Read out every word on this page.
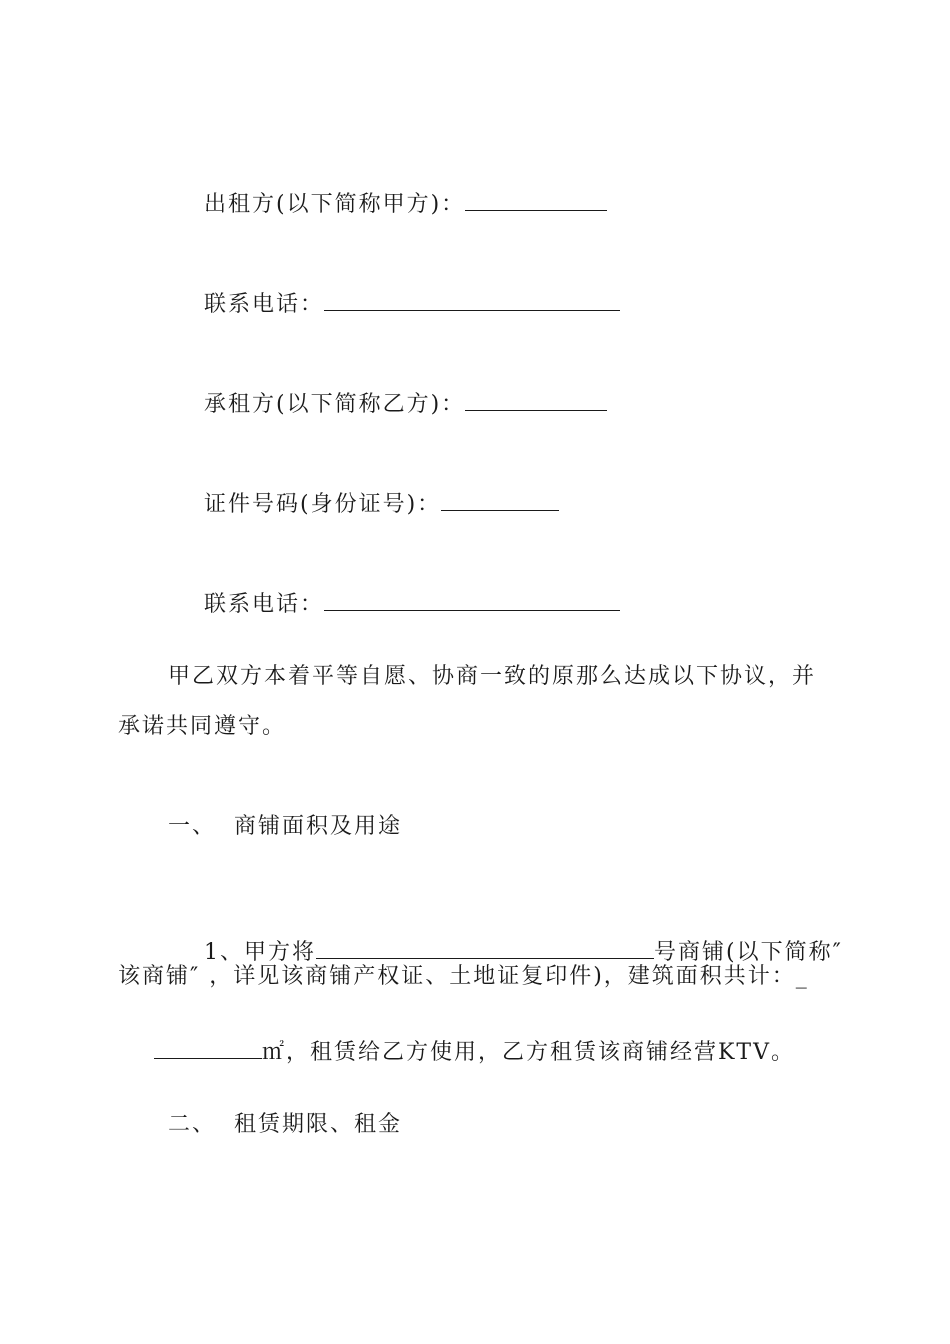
出租方(以下简称甲方)：

联系电话：

承租方(以下简称乙方)：

证件号码(身份证号)：

联系电话：

甲乙双方本着平等自愿、协商一致的原那么达成以下协议，并
承诺共同遵守。
一、  商铺面积及用途

1、甲方将	号商铺(以下简称″

该商铺″ ，详见该商铺产权证、土地证复印件)，建筑面积共计：_

㎡，租赁给乙方使用，乙方租赁该商铺经营KTV。

二、  租赁期限、租金
